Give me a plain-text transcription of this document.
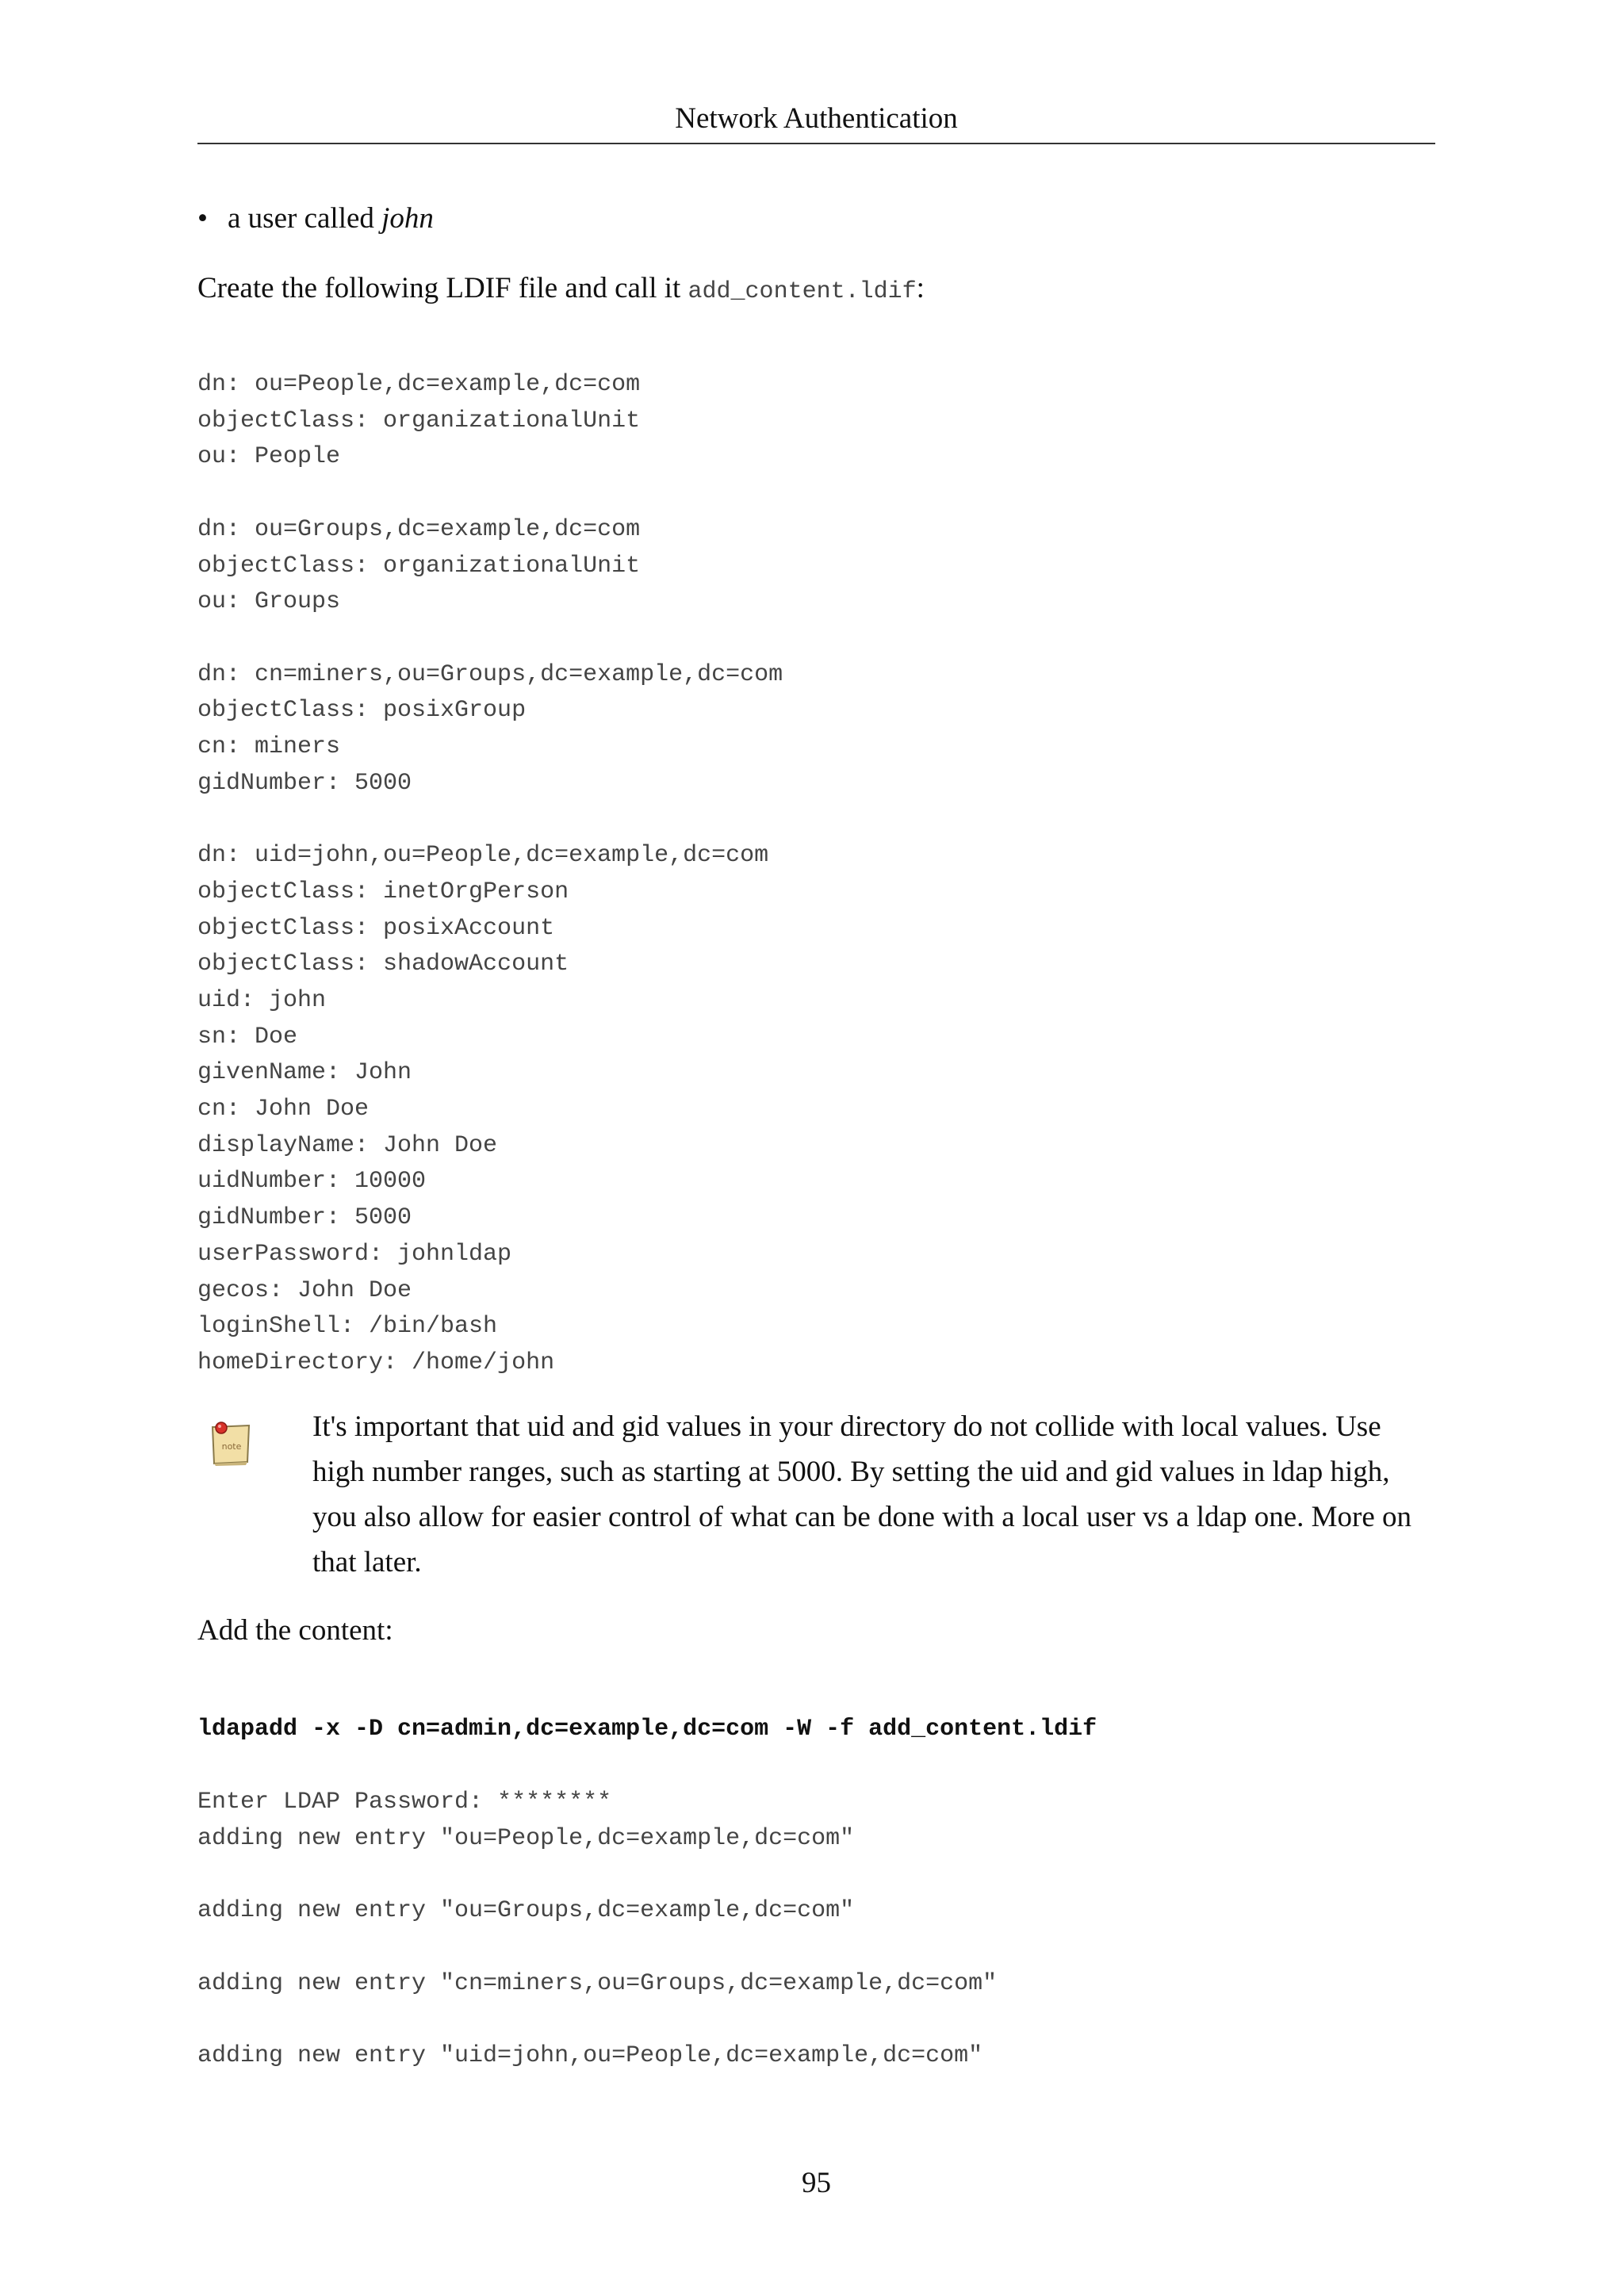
Network Authentication
• a user called john
Create the following LDIF file and call it add_content.ldif:
dn: ou=People,dc=example,dc=com
objectClass: organizationalUnit
ou: People

dn: ou=Groups,dc=example,dc=com
objectClass: organizationalUnit
ou: Groups

dn: cn=miners,ou=Groups,dc=example,dc=com
objectClass: posixGroup
cn: miners
gidNumber: 5000

dn: uid=john,ou=People,dc=example,dc=com
objectClass: inetOrgPerson
objectClass: posixAccount
objectClass: shadowAccount
uid: john
sn: Doe
givenName: John
cn: John Doe
displayName: John Doe
uidNumber: 10000
gidNumber: 5000
userPassword: johnldap
gecos: John Doe
loginShell: /bin/bash
homeDirectory: /home/john
note
It's important that uid and gid values in your directory do not collide with local values. Use high number ranges, such as starting at 5000. By setting the uid and gid values in ldap high, you also allow for easier control of what can be done with a local user vs a ldap one. More on that later.
Add the content:
ldapadd -x -D cn=admin,dc=example,dc=com -W -f add_content.ldif
Enter LDAP Password: ********
adding new entry "ou=People,dc=example,dc=com"

adding new entry "ou=Groups,dc=example,dc=com"

adding new entry "cn=miners,ou=Groups,dc=example,dc=com"

adding new entry "uid=john,ou=People,dc=example,dc=com"
95
